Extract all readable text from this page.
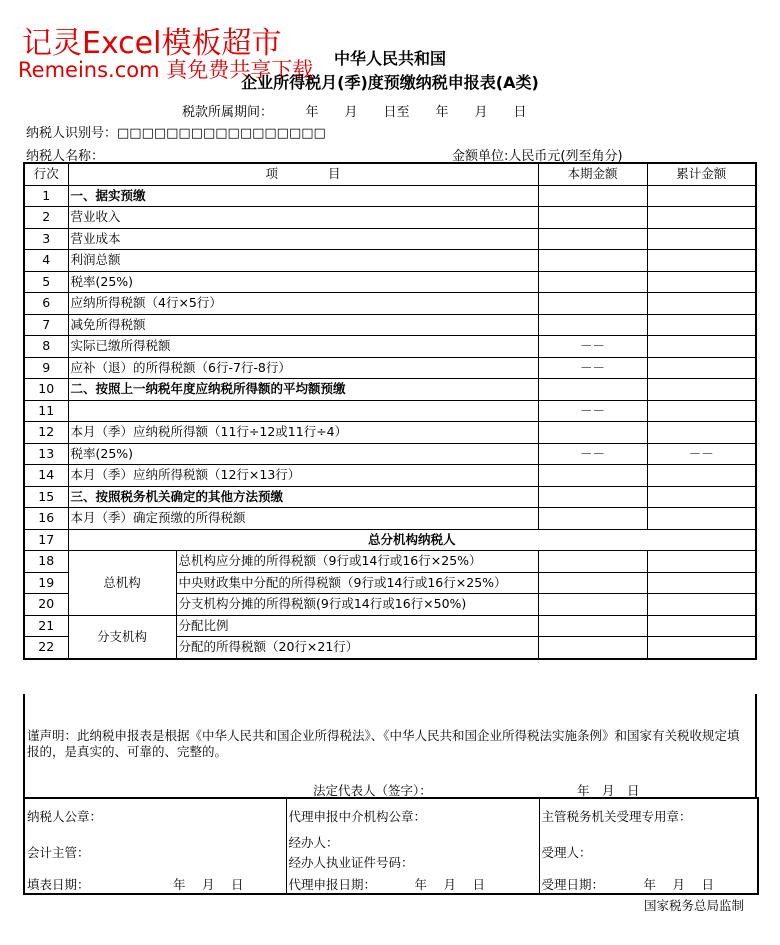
记灵Excel模板超市
Remeins.com 真免费共享下载	中华人民共和国
企业所得税月(季)度预缴纳税申报表(A类)
税款所属期间：　　　年　　月　　日至　　年　　月　　日
纳税人识别号：□□□□□□□□□□□□□□□□□
纳税人名称：	金额单位:人民币元(列至角分)
行次	项　　　　目		本期金额	累计金额
1	一、据实预缴			
2	营业收入			
3	营业成本			
4	利润总额			
5	税率(25%)			
6	应纳所得税额（4行×5行）			
7	减免所得税额			
8	实际已缴所得税额		－－	
9	应补（退）的所得税额（6行-7行-8行）		－－	
10	二、按照上一纳税年度应纳税所得额的平均额预缴			
11			－－	
12	本月（季）应纳税所得额（11行÷12或11行÷4）			
13	税率(25%)		－－	－－
14	本月（季）应纳所得税额（12行×13行）			
15	三、按照税务机关确定的其他方法预缴			
16	本月（季）确定预缴的所得税额			
17	总分机构纳税人			
18	总机构	总机构应分摊的所得税额（9行或14行或16行×25%）		
19		中央财政集中分配的所得税额（9行或14行或16行×25%）		
20		分支机构分摊的所得税额(9行或14行或16行×50%)		
21	分支机构	分配比例		
22		分配的所得税额（20行×21行）		
谨声明：此纳税申报表是根据《中华人民共和国企业所得税法》、《中华人民共和国企业所得税法实施条例》和国家有关税收规定填报的，是真实的、可靠的、完整的。
法定代表人（签字）：	年　月　日
纳税人公章：
会计主管：
填表日期：	年　 月　 日

代理申报中介机构公章：
经办人：
经办人执业证件号码：
代理申报日期：	年　 月　 日

主管税务机关受理专用章：
受理人：
受理日期：	年　 月　 日
国家税务总局监制
